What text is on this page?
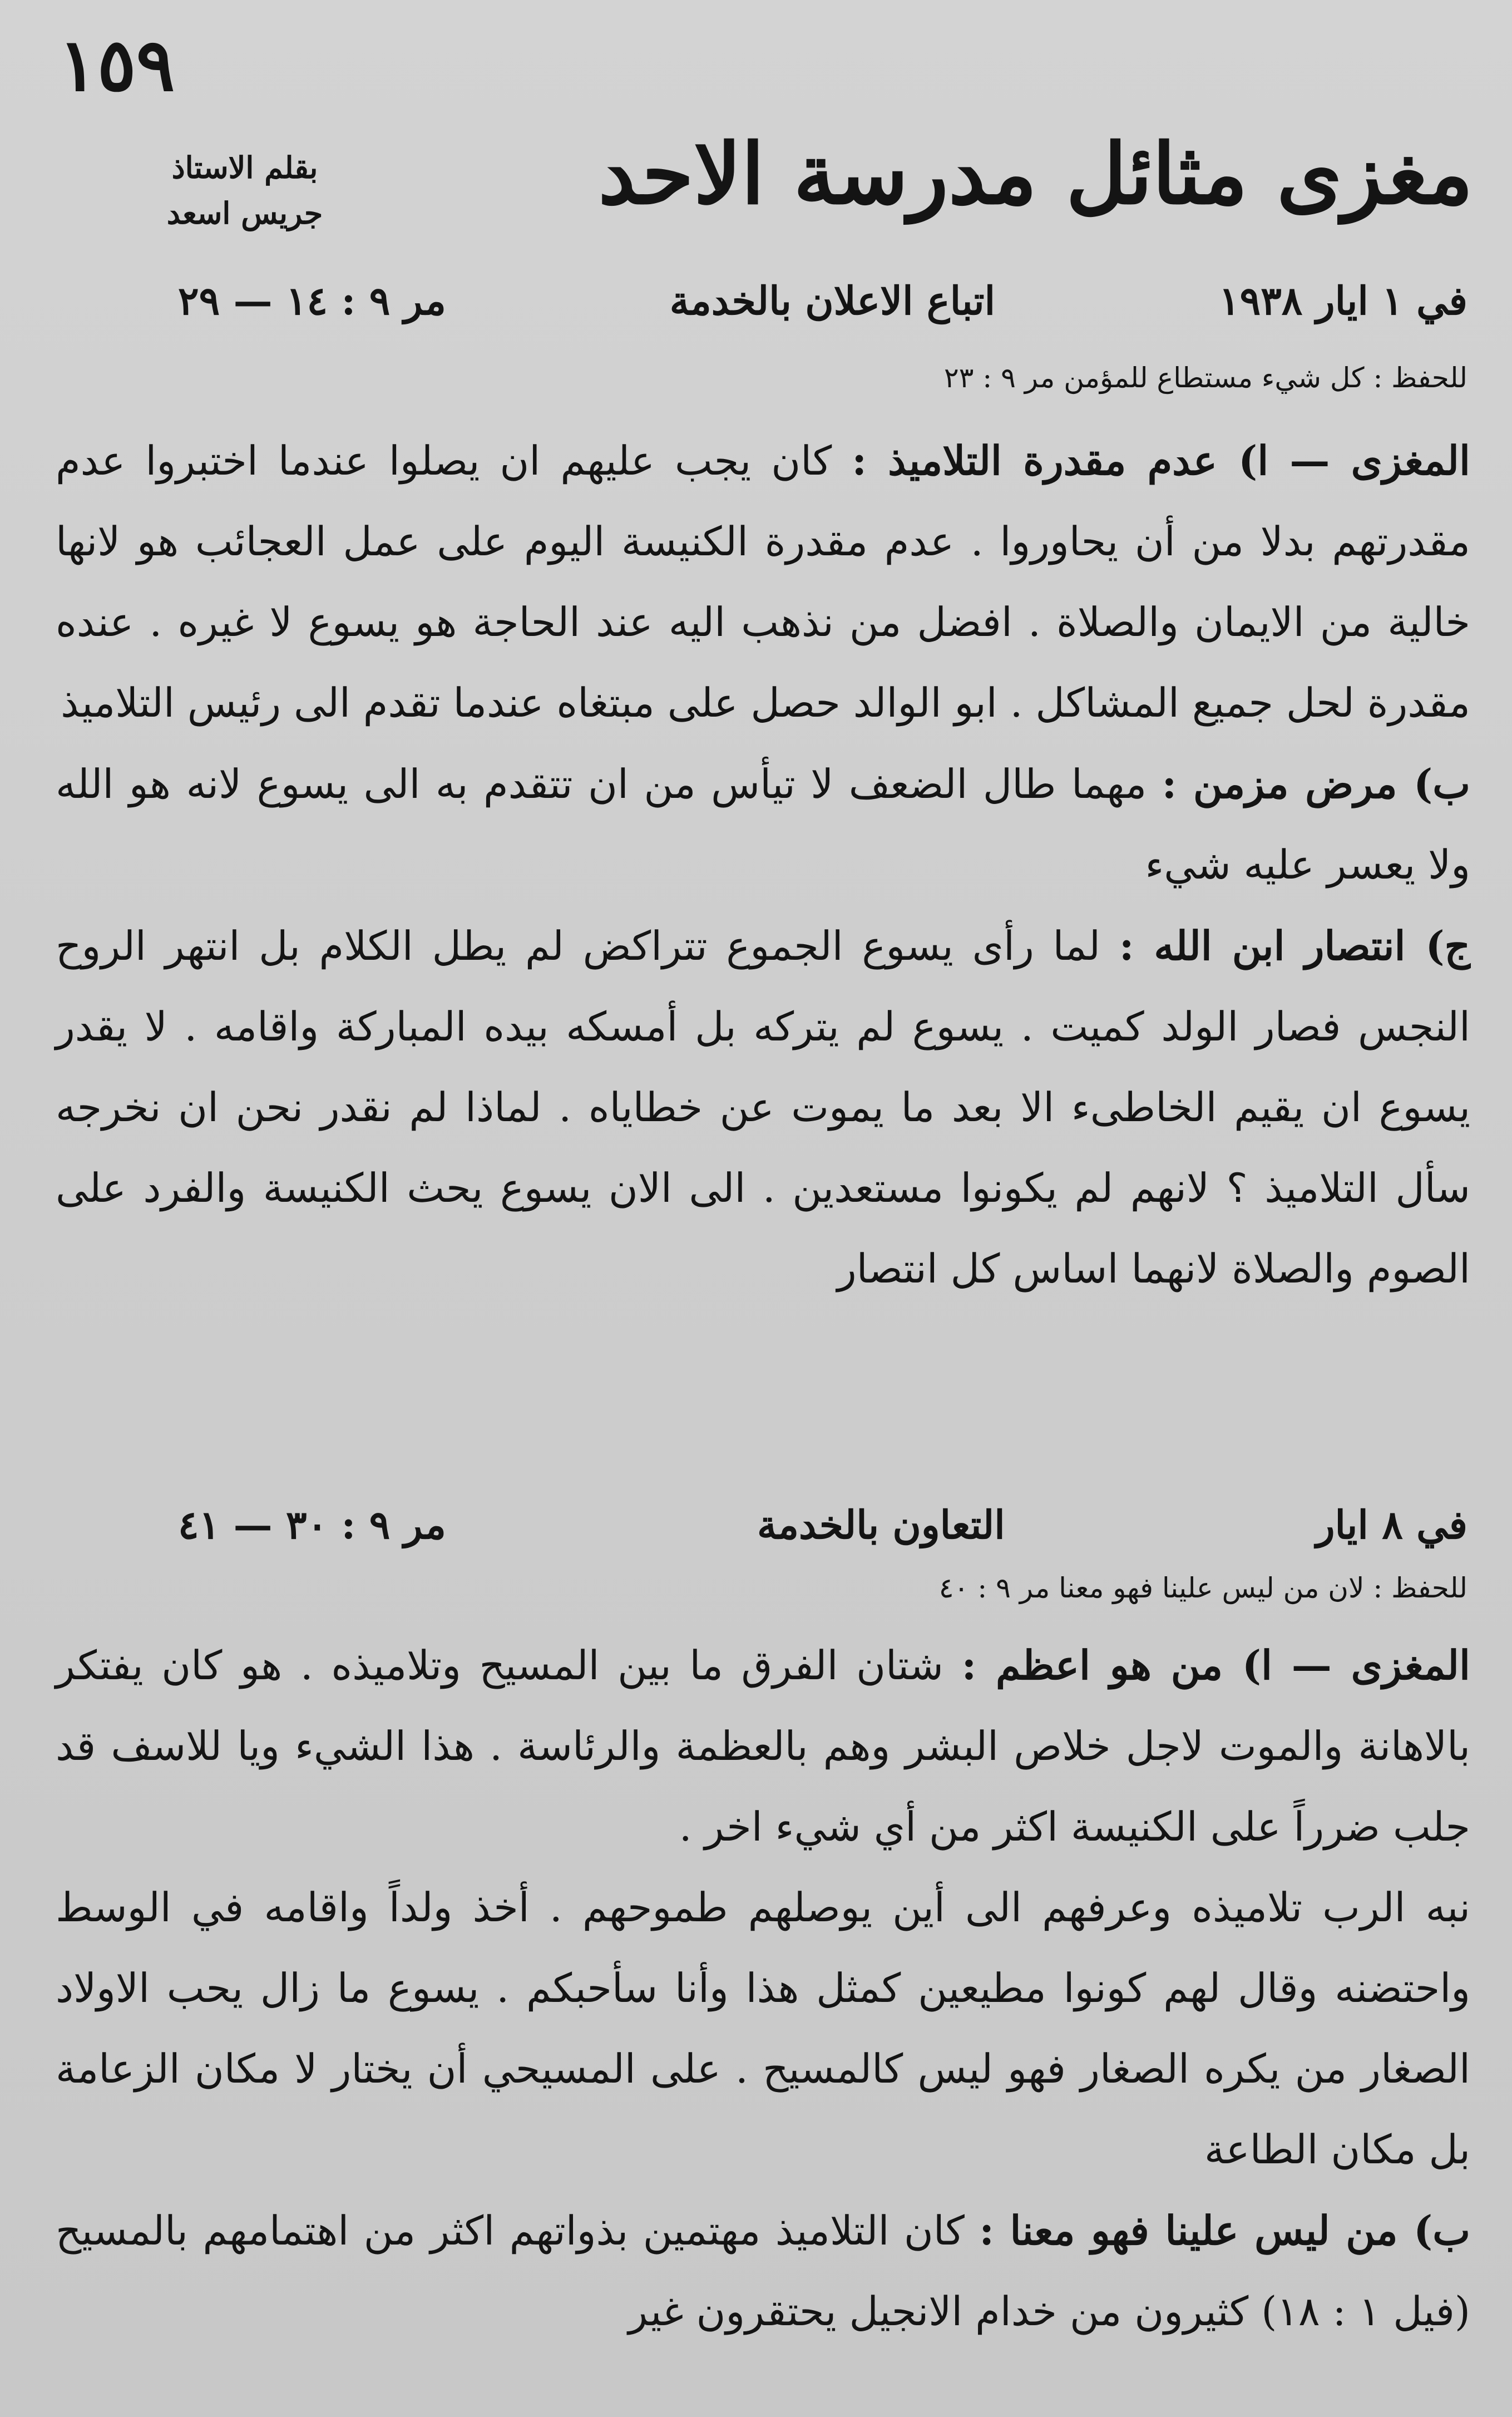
١٥٩
بقلم الاستاذ
جريس اسعد	مغزى مثائل مدرسة الاحد
في ١ ايار ١٩٣٨
اتباع الاعلان بالخدمة
مر ٩ : ١٤ — ٢٩
للحفظ : كل شيء مستطاع للمؤمن مر ٩ : ٢٣

المغزى — ا) عدم مقدرة التلاميذ : كان يجب عليهم ان يصلوا عندما اختبروا عدم مقدرتهم بدلا من أن يحاوروا . عدم مقدرة الكنيسة اليوم على عمل العجائب هو لانها خالية من الايمان والصلاة . افضل من نذهب اليه عند الحاجة هو يسوع لا غيره . عنده مقدرة لحل جميع المشاكل . ابو الوالد حصل على مبتغاه عندما تقدم الى رئيس التلاميذ

ب) مرض مزمن : مهما طال الضعف لا تيأس من ان تتقدم به الى يسوع لانه هو الله ولا يعسر عليه شيء

ج) انتصار ابن الله : لما رأى يسوع الجموع تتراكض لم يطل الكلام بل انتهر الروح النجس فصار الولد كميت . يسوع لم يتركه بل أمسكه بيده المباركة واقامه . لا يقدر يسوع ان يقيم الخاطىء الا بعد ما يموت عن خطاياه . لماذا لم نقدر نحن ان نخرجه سأل التلاميذ ؟ لانهم لم يكونوا مستعدين . الى الان يسوع يحث الكنيسة والفرد على الصوم والصلاة لانهما اساس كل انتصار

في ٨ ايار
التعاون بالخدمة
مر ٩ : ٣٠ — ٤١
للحفظ : لان من ليس علينا فهو معنا مر ٩ : ٤٠

المغزى — ا) من هو اعظم : شتان الفرق ما بين المسيح وتلاميذه . هو كان يفتكر بالاهانة والموت لاجل خلاص البشر وهم بالعظمة والرئاسة . هذا الشيء ويا للاسف قد جلب ضرراً على الكنيسة اكثر من أي شيء اخر .

نبه الرب تلاميذه وعرفهم الى أين يوصلهم طموحهم . أخذ ولداً واقامه في الوسط واحتضنه وقال لهم كونوا مطيعين كمثل هذا وأنا سأحبكم . يسوع ما زال يحب الاولاد الصغار من يكره الصغار فهو ليس كالمسيح . على المسيحي أن يختار لا مكان الزعامة بل مكان الطاعة

ب) من ليس علينا فهو معنا : كان التلاميذ مهتمين بذواتهم اكثر من اهتمامهم بالمسيح (فيل ١ : ١٨) كثيرون من خدام الانجيل يحتقرون غير
